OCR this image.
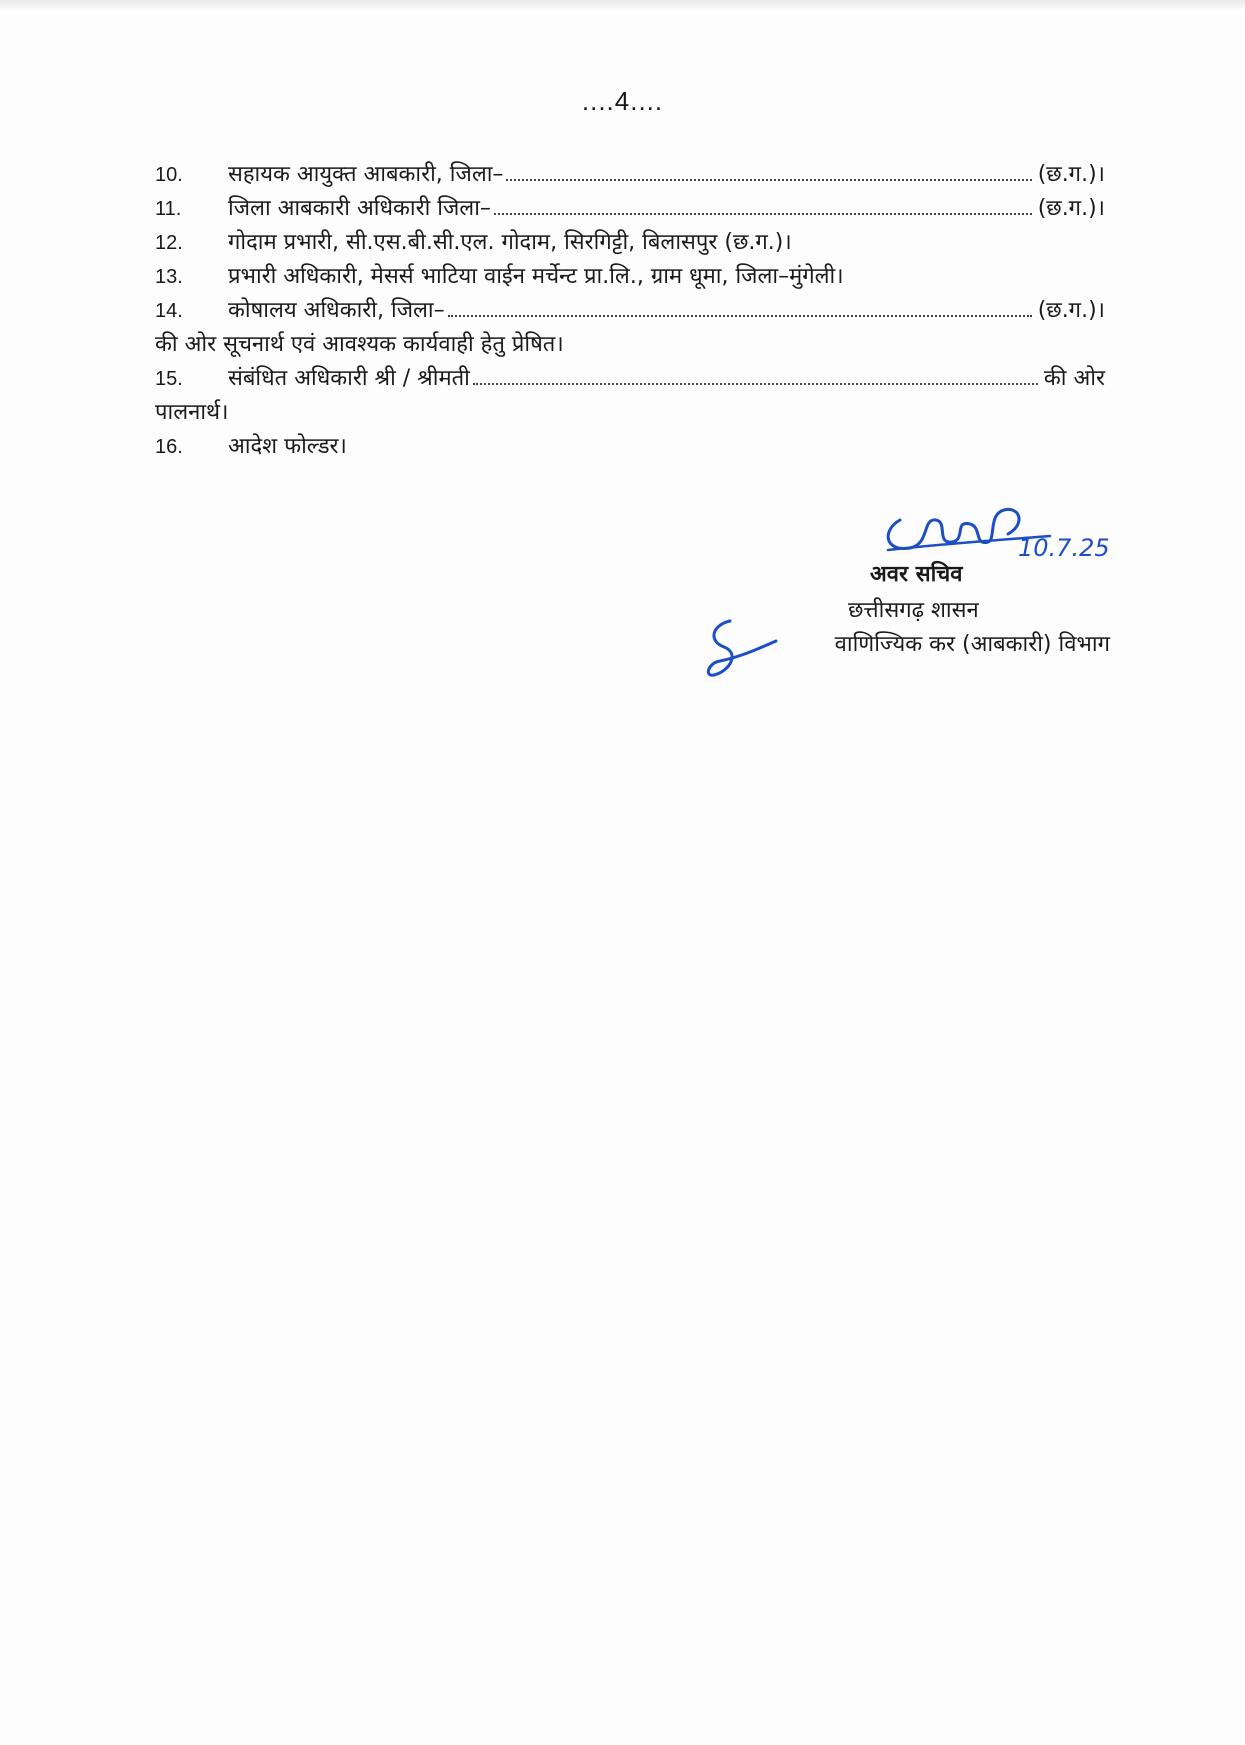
....4....
10.	सहायक आयुक्त आबकारी, जिला–	(छ.ग.)।
11.	जिला आबकारी अधिकारी जिला–	(छ.ग.)।
12.	गोदाम प्रभारी, सी.एस.बी.सी.एल. गोदाम, सिरगिट्टी, बिलासपुर (छ.ग.)।
13.	प्रभारी अधिकारी, मेसर्स भाटिया वाईन मर्चेन्ट प्रा.लि., ग्राम धूमा, जिला–मुंगेली।
14.	कोषालय अधिकारी, जिला–	(छ.ग.)।
की ओर सूचनार्थ एवं आवश्यक कार्यवाही हेतु प्रेषित।
15.	संबंधित अधिकारी श्री / श्रीमती	की ओर
पालनार्थ।
16.	आदेश फोल्डर।
10.7.25
अवर सचिव
छत्तीसगढ़ शासन
वाणिज्यिक कर (आबकारी) विभाग
